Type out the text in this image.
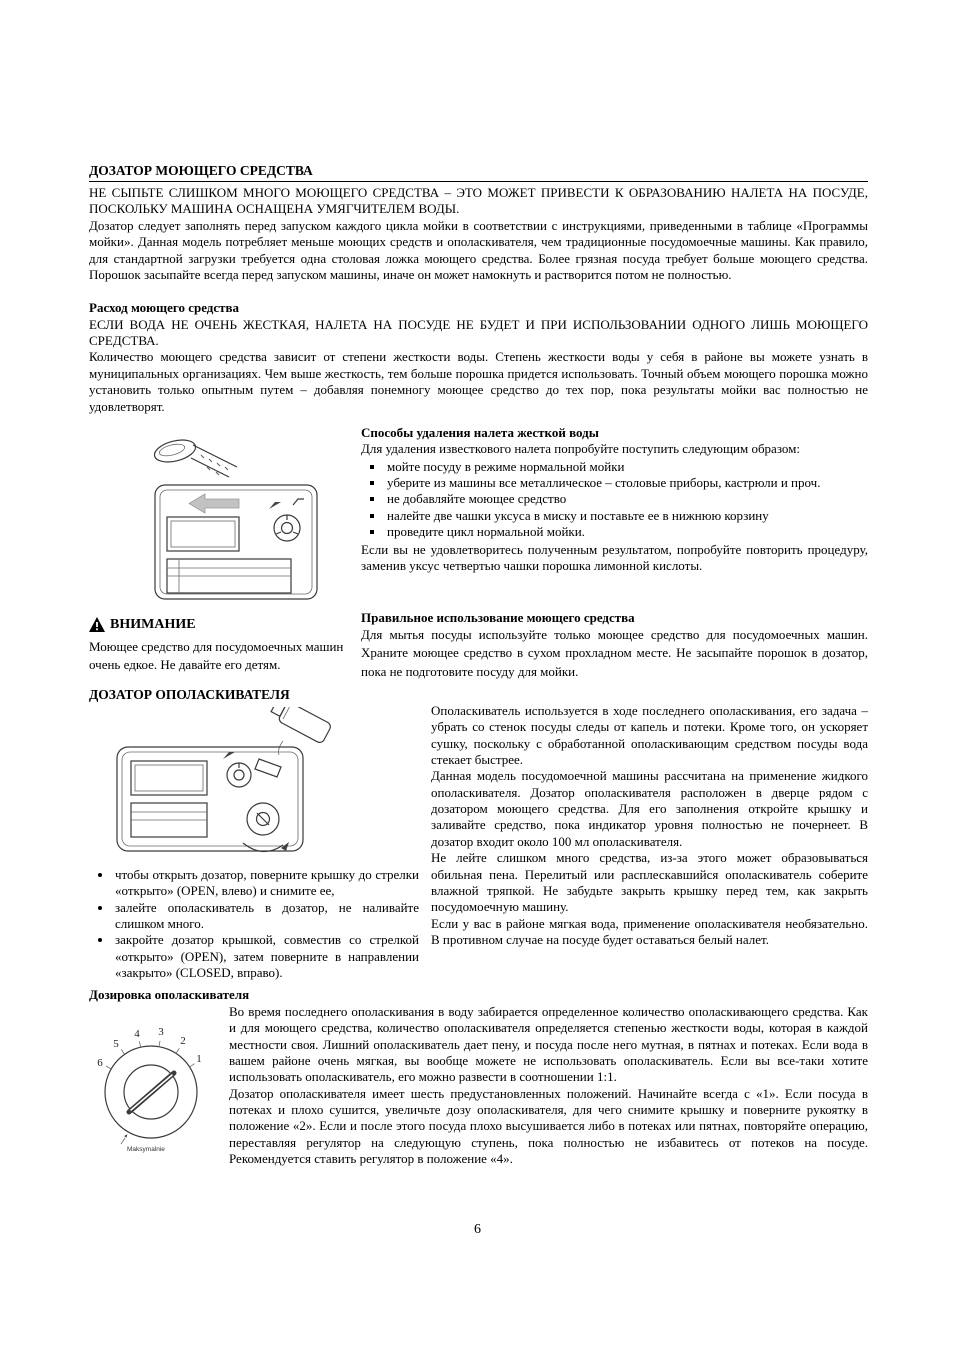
ДОЗАТОР МОЮЩЕГО СРЕДСТВА

НЕ СЫПЬТЕ СЛИШКОМ МНОГО МОЮЩЕГО СРЕДСТВА – ЭТО МОЖЕТ ПРИВЕСТИ К ОБРАЗОВАНИЮ НАЛЕТА НА ПОСУДЕ, ПОСКОЛЬКУ МАШИНА ОСНАЩЕНА УМЯГЧИТЕЛЕМ ВОДЫ.

Дозатор следует заполнять перед запуском каждого цикла мойки в соответствии с инструкциями, приведенными в таблице «Программы мойки». Данная модель потребляет меньше моющих средств и ополаскивателя, чем традиционные посудомоечные машины. Как правило, для стандартной загрузки требуется одна столовая ложка моющего средства. Более грязная посуда требует больше моющего средства. Порошок засыпайте всегда перед запуском машины, иначе он может намокнуть и растворится потом не полностью.

Расход моющего средства

ЕСЛИ ВОДА НЕ ОЧЕНЬ ЖЕСТКАЯ, НАЛЕТА НА ПОСУДЕ НЕ БУДЕТ И ПРИ ИСПОЛЬЗОВАНИИ ОДНОГО ЛИШЬ МОЮЩЕГО СРЕДСТВА.

Количество моющего средства зависит от степени жесткости воды. Степень жесткости воды у себя в районе вы можете узнать в муниципальных организациях. Чем выше жесткость, тем больше порошка придется использовать. Точный объем моющего порошка можно установить только опытным путем – добавляя понемногу моющее средство до тех пор, пока результаты мойки вас полностью не удовлетворят.

Способы удаления налета жесткой воды

Для удаления известкового налета попробуйте поступить следующим образом:

▪ мойте посуду в режиме нормальной мойки
▪ уберите из машины все металлическое – столовые приборы, кастрюли и проч.
▪ не добавляйте моющее средство
▪ налейте две чашки уксуса в миску и поставьте ее в нижнюю корзину
▪ проведите цикл нормальной мойки.

Если вы не удовлетворитесь полученным результатом, попробуйте повторить процедуру, заменив уксус четвертью чашки порошка лимонной кислоты.

ВНИМАНИЕ

Моющее средство для посудомоечных машин очень едкое. Не давайте его детям.

Правильное использование моющего средства

Для мытья посуды используйте только моющее средство для посудомоечных машин. Храните моющее средство в сухом прохладном месте. Не засыпайте порошок в дозатор, пока не подготовите посуду для мойки.

ДОЗАТОР ОПОЛАСКИВАТЕЛЯ

• чтобы открыть дозатор, поверните крышку до стрелки «открыто» (OPEN, влево) и снимите ее,
• залейте ополаскиватель в дозатор, не наливайте слишком много.
• закройте дозатор крышкой, совместив со стрелкой «открыто» (OPEN), затем поверните в направлении «закрыто» (CLOSED, вправо).

Ополаскиватель используется в ходе последнего ополаскивания, его задача – убрать со стенок посуды следы от капель и потеки. Кроме того, он ускоряет сушку, поскольку с обработанной ополаскивающим средством посуды вода стекает быстрее.

Данная модель посудомоечной машины рассчитана на применение жидкого ополаскивателя. Дозатор ополаскивателя расположен в дверце рядом с дозатором моющего средства. Для его заполнения откройте крышку и заливайте средство, пока индикатор уровня полностью не почернеет. В дозатор входит около 100 мл ополаскивателя.

Не лейте слишком много средства, из-за этого может образовываться обильная пена. Перелитый или расплескавшийся ополаскиватель соберите влажной тряпкой. Не забудьте закрыть крышку перед тем, как закрыть посудомоечную машину.

Если у вас в районе мягкая вода, применение ополаскивателя необязательно. В противном случае на посуде будет оставаться белый налет.

Дозировка ополаскивателя

6
5
4 3
2
1
Maksymalnie

Во время последнего ополаскивания в воду забирается определенное количество ополаскивающего средства. Как и для моющего средства, количество ополаскивателя определяется степенью жесткости воды, которая в каждой местности своя. Лишний ополаскиватель дает пену, и посуда после него мутная, в пятнах и потеках. Если вода в вашем районе очень мягкая, вы вообще можете не использовать ополаскиватель. Если вы все-таки хотите использовать ополаскиватель, его можно развести в соотношении 1:1.

Дозатор ополаскивателя имеет шесть предустановленных положений. Начинайте всегда с «1». Если посуда в потеках и плохо сушится, увеличьте дозу ополаскивателя, для чего снимите крышку и поверните рукоятку в положение «2». Если и после этого посуда плохо высушивается либо в потеках или пятнах, повторяйте операцию, переставляя регулятор на следующую ступень, пока полностью не избавитесь от потеков на посуде. Рекомендуется ставить регулятор в положение «4».

6
